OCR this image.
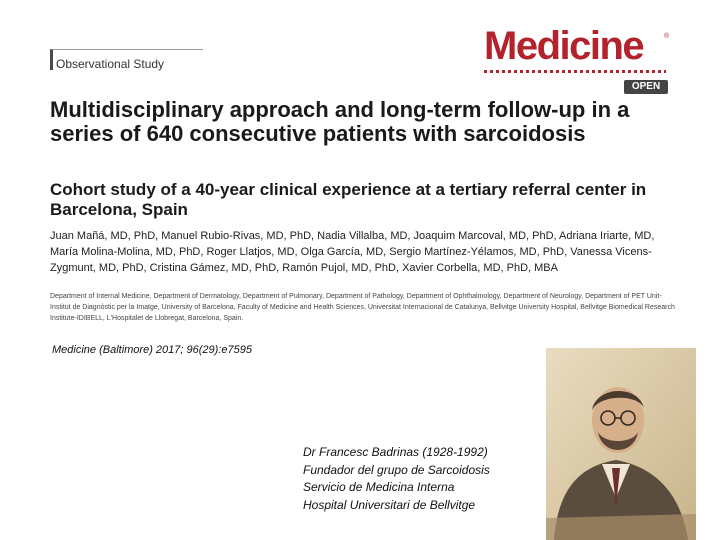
Observational Study	Medicine	®
OPEN
Multidisciplinary approach and long-term follow-up in a series of 640 consecutive patients with sarcoidosis
Cohort study of a 40-year clinical experience at a tertiary referral center in Barcelona, Spain

Juan Mañá, MD, PhD, Manuel Rubio-Rivas, MD, PhD, Nadia Villalba, MD, Joaquim Marcoval, MD, PhD, Adriana Iriarte, MD, María Molina-Molina, MD, PhD, Roger Llatjos, MD, Olga García, MD, Sergio Martínez-Yélamos, MD, PhD, Vanessa Vicens-Zygmunt, MD, PhD, Cristina Gámez, MD, PhD, Ramón Pujol, MD, PhD, Xavier Corbella, MD, PhD, MBA

Department of Internal Medicine, Department of Dermatology, Department of Pulmonary, Department of Pathology, Department of Ophthalmology, Department of Neurology, Department of PET Unit-Institut de Diagnòstic per la Imatge, University of Barcelona, Faculty of Medicine and Health Sciences, Universitat Internacional de Catalunya, Bellvitge University Hospital, Bellvitge Biomedical Research Institute-IDIBELL, L'Hospitalet de Llobregat, Barcelona, Spain.

Medicine (Baltimore) 2017; 96(29):e7595
Dr Francesc Badrinas (1928-1992)
Fundador del grupo de Sarcoidosis
Servicio de Medicina Interna
Hospital Universitari de Bellvitge
